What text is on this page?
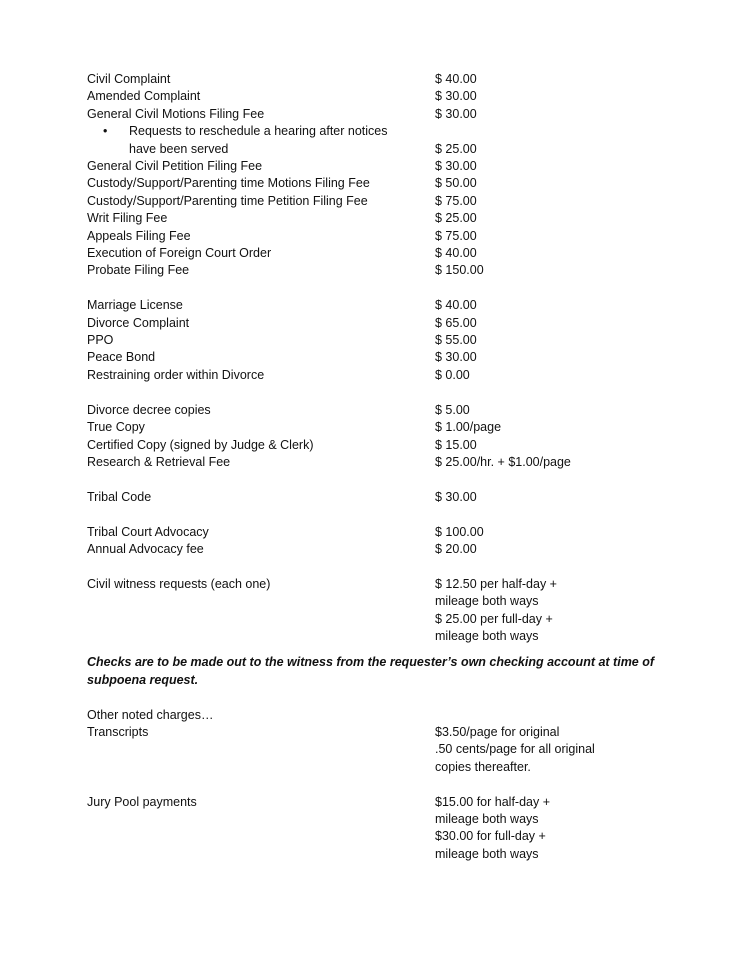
Civil Complaint	$ 40.00
Amended Complaint	$ 30.00
General Civil Motions Filing Fee	$ 30.00
•	Requests to reschedule a hearing after notices
have been served	$ 25.00
General Civil Petition Filing Fee	$ 30.00
Custody/Support/Parenting time Motions Filing Fee	$ 50.00
Custody/Support/Parenting time Petition Filing Fee	$ 75.00
Writ Filing Fee	$ 25.00
Appeals Filing Fee	$ 75.00
Execution of Foreign Court Order	$ 40.00
Probate Filing Fee	$ 150.00
Marriage License	$ 40.00
Divorce Complaint	$ 65.00
PPO	$ 55.00
Peace Bond	$ 30.00
Restraining order within Divorce	$ 0.00
Divorce decree copies	$ 5.00
True Copy	$ 1.00/page
Certified Copy (signed by Judge & Clerk)	$ 15.00
Research & Retrieval Fee	$ 25.00/hr. + $1.00/page
Tribal Code	$ 30.00
Tribal Court Advocacy	$ 100.00
Annual Advocacy fee	$ 20.00
Civil witness requests (each one)	$ 12.50 per half-day +
mileage both ways
$ 25.00 per full-day +
mileage both ways
Checks are to be made out to the witness from the requester’s own checking account at time of subpoena request.
Other noted charges…
Transcripts	$3.50/page for original
.50 cents/page for all original
copies thereafter.
Jury Pool payments	$15.00 for half-day +
mileage both ways
$30.00 for full-day +
mileage both ways
